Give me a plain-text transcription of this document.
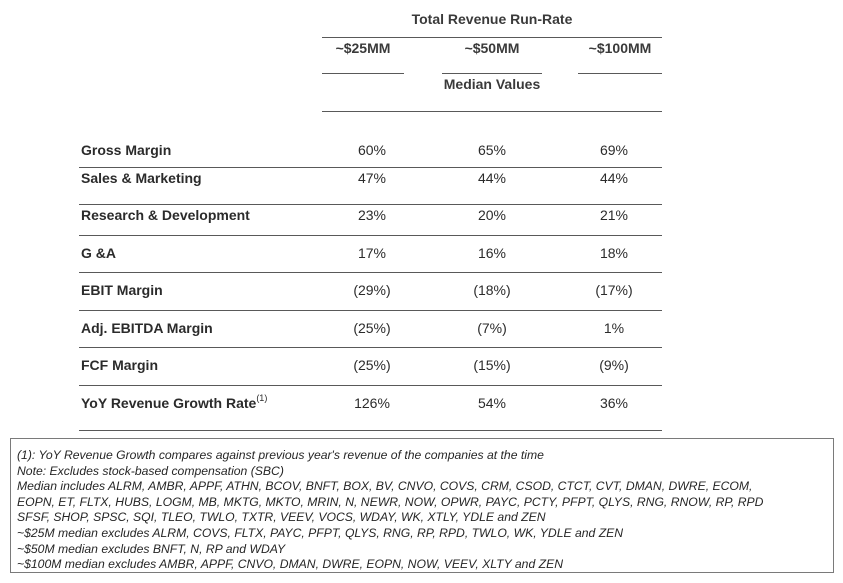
Total Revenue Run-Rate
~$25MM	~$50MM	~$100MM
Median Values
Gross Margin	60%	65%	69%
Sales & Marketing	47%	44%	44%
Research & Development	23%	20%	21%
G &A	17%	16%	18%
EBIT Margin	(29%)	(18%)	(17%)
Adj. EBITDA Margin	(25%)	(7%)	1%
FCF Margin	(25%)	(15%)	(9%)
YoY Revenue Growth Rate$^{(1)}$	126%	54%	36%
(1): YoY Revenue Growth compares against previous year's revenue of the companies at the time
Note: Excludes stock-based compensation (SBC)
Median includes ALRM, AMBR, APPF, ATHN, BCOV, BNFT, BOX, BV, CNVO, COVS, CRM, CSOD, CTCT, CVT, DMAN, DWRE, ECOM,
EOPN, ET, FLTX, HUBS, LOGM, MB, MKTG, MKTO, MRIN, N, NEWR, NOW, OPWR, PAYC, PCTY, PFPT, QLYS, RNG, RNOW, RP, RPD
SFSF, SHOP, SPSC, SQI, TLEO, TWLO, TXTR, VEEV, VOCS, WDAY, WK, XTLY, YDLE and ZEN
~$25M median excludes ALRM, COVS, FLTX, PAYC, PFPT, QLYS, RNG, RP, RPD, TWLO, WK, YDLE and ZEN
~$50M median excludes BNFT, N, RP and WDAY
~$100M median excludes AMBR, APPF, CNVO, DMAN, DWRE, EOPN, NOW, VEEV, XLTY and ZEN
